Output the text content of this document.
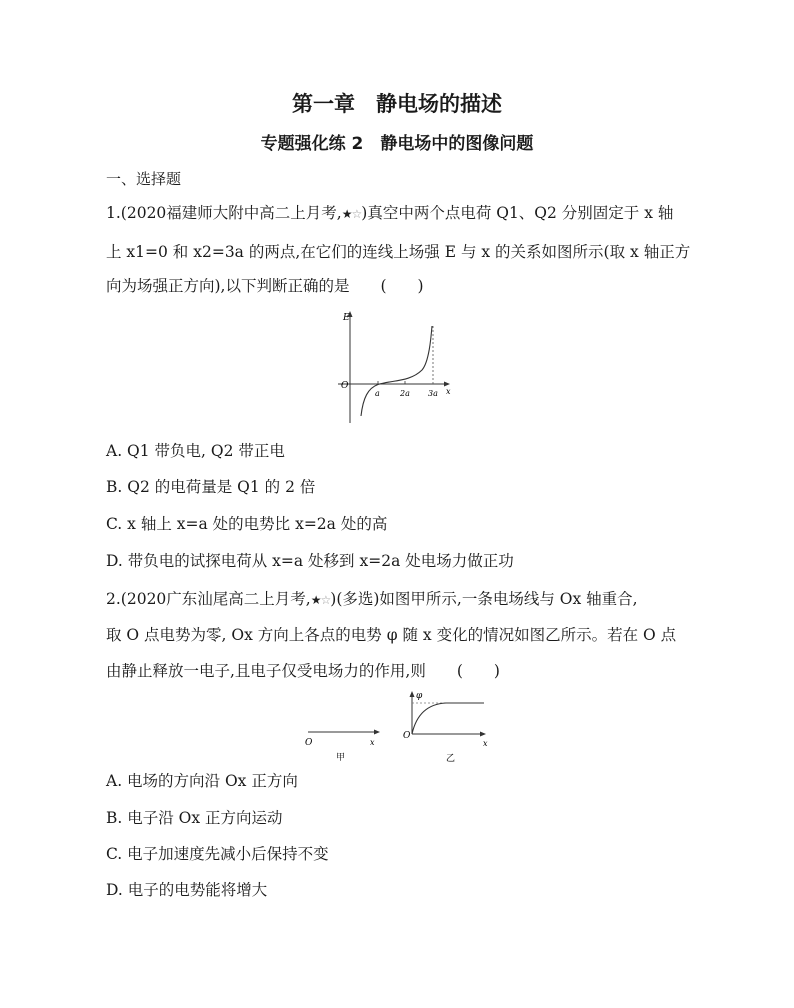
第一章　静电场的描述
专题强化练 2　静电场中的图像问题
一、选择题
1.(2020福建师大附中高二上月考,★☆)真空中两个点电荷 Q1、Q2 分别固定于 x 轴
上 x1=0 和 x2=3a 的两点,在它们的连线上场强 E 与 x 的关系如图所示(取 x 轴正方
向为场强正方向),以下判断正确的是　　(　　)
E
O
x
a	2a 3a
A. Q1 带负电, Q2 带正电
B. Q2 的电荷量是 Q1 的 2 倍
C. x 轴上 x=a 处的电势比 x=2a 处的高
D. 带负电的试探电荷从 x=a 处移到 x=2a 处电场力做正功
2.(2020广东汕尾高二上月考,★☆)(多选)如图甲所示,一条电场线与 Ox 轴重合,
取 O 点电势为零, Ox 方向上各点的电势 φ 随 x 变化的情况如图乙所示。若在 O 点
由静止释放一电子,且电子仅受电场力的作用,则　　(　　)
O	x
甲
φ
O
x
乙
A. 电场的方向沿 Ox 正方向
B. 电子沿 Ox 正方向运动
C. 电子加速度先减小后保持不变
D. 电子的电势能将增大
